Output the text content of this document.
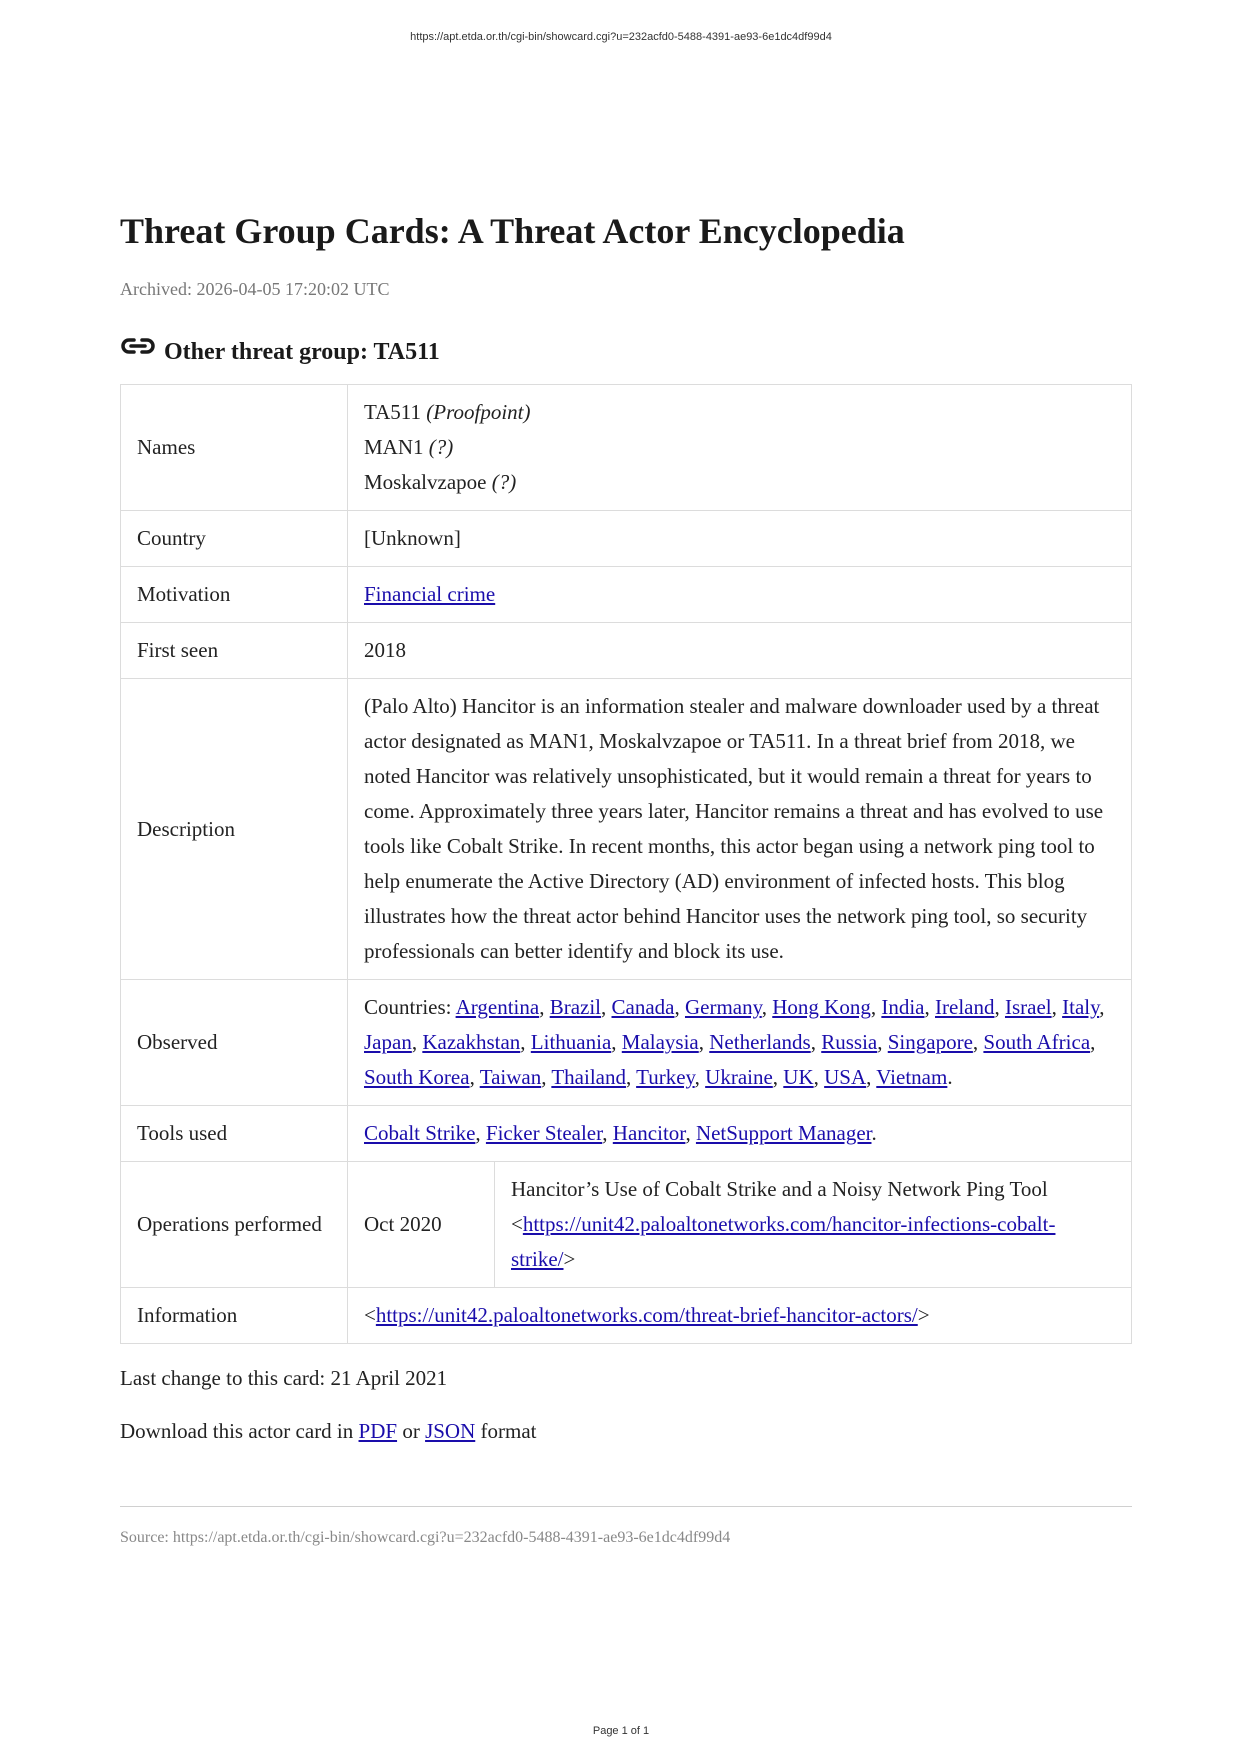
https://apt.etda.or.th/cgi-bin/showcard.cgi?u=232acfd0-5488-4391-ae93-6e1dc4df99d4
Threat Group Cards: A Threat Actor Encyclopedia
Archived: 2026-04-05 17:20:02 UTC
Other threat group: TA511
Names	TA511 (Proofpoint)
MAN1 (?)
Moskalvzapoe (?)	

Country	[Unknown]	
Motivation	Financial crime	
First seen	2018	
Description	(Palo Alto) Hancitor is an information stealer and malware downloader used by a threat actor designated as MAN1, Moskalvzapoe or TA511. In a threat brief from 2018, we noted Hancitor was relatively unsophisticated, but it would remain a threat for years to come. Approximately three years later, Hancitor remains a threat and has evolved to use tools like Cobalt Strike. In recent months, this actor began using a network ping tool to help enumerate the Active Directory (AD) environment of infected hosts. This blog illustrates how the threat actor behind Hancitor uses the network ping tool, so security professionals can better identify and block its use.	
Observed	Countries: Argentina, Brazil, Canada, Germany, Hong Kong, India, Ireland, Israel, Italy, Japan, Kazakhstan, Lithuania, Malaysia, Netherlands, Russia, Singapore, South Africa, South Korea, Taiwan, Thailand, Turkey, Ukraine, UK, USA, Vietnam.	
Tools used	Cobalt Strike, Ficker Stealer, Hancitor, NetSupport Manager.	
Operations performed	Oct 2020	Hancitor’s Use of Cobalt Strike and a Noisy Network Ping Tool
<https://unit42.paloaltonetworks.com/hancitor-infections-cobalt-strike/>
Information	<https://unit42.paloaltonetworks.com/threat-brief-hancitor-actors/>	
Last change to this card: 21 April 2021
Download this actor card in PDF or JSON format
Source: https://apt.etda.or.th/cgi-bin/showcard.cgi?u=232acfd0-5488-4391-ae93-6e1dc4df99d4
Page 1 of 1
